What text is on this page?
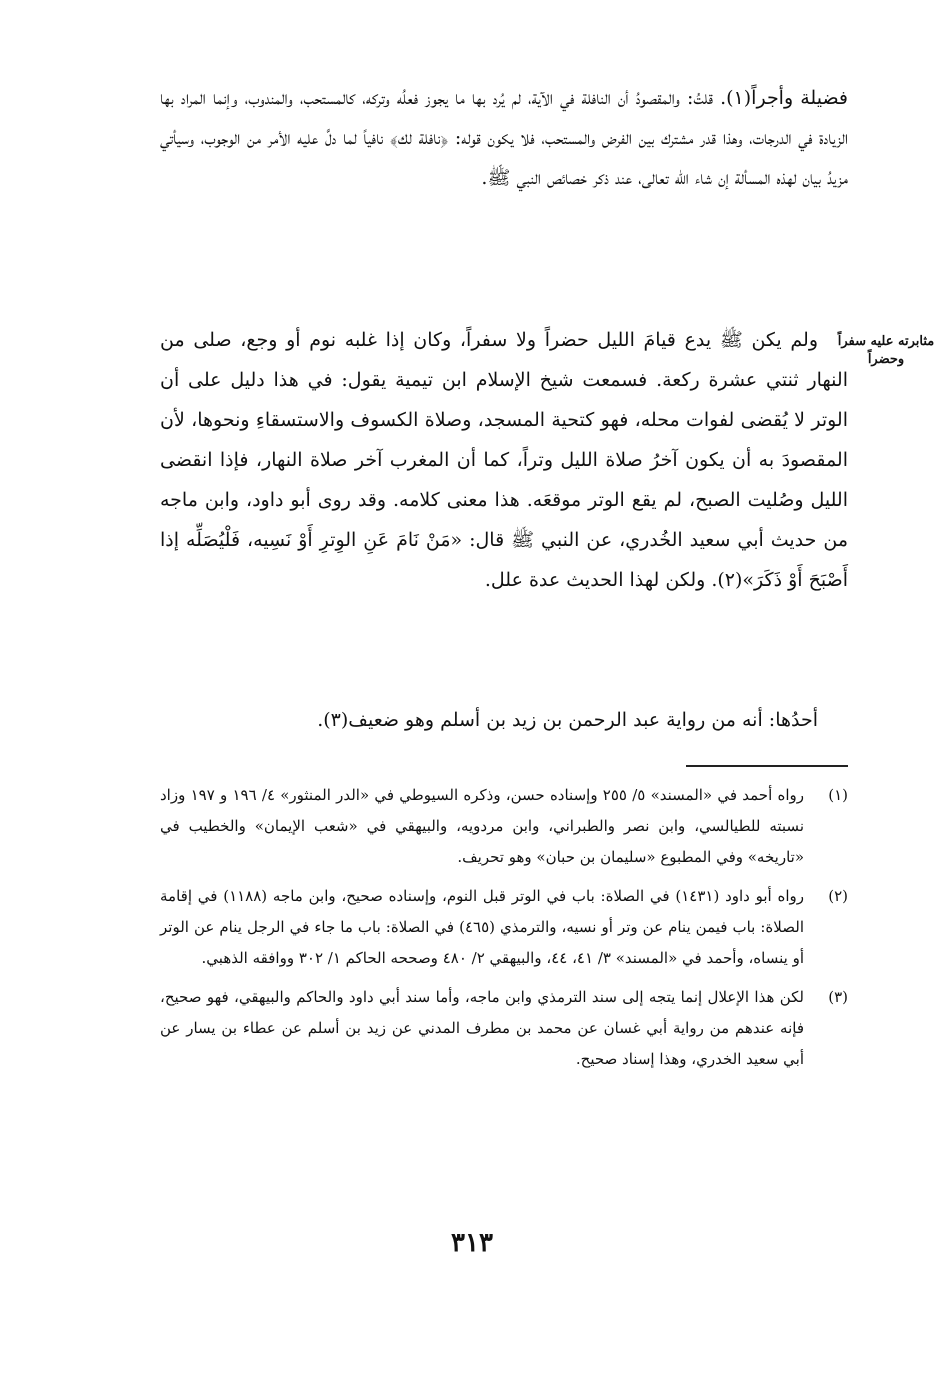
مثابرته عليه سفراً وحضراً

فضيلة وأجراً(١). قلتُ: والمقصودُ أن النافلة في الآية، لم يُرد بها ما يجوز فعلُه وتركه، كالمستحب، والمندوب، وإنما المراد بها الزيادة في الدرجات، وهذا قدر مشترك بين الفرض والمستحب، فلا يكون قوله: ﴿نافلة لك﴾ نافياً لما دلَّ عليه الأمر من الوجوب، وسيأتي مزيدُ بيان لهذه المسألة إن شاء الله تعالى، عند ذكر خصائص النبي ﷺ.

ولم يكن ﷺ يدع قيامَ الليل حضراً ولا سفراً، وكان إذا غلبه نوم أو وجع، صلى من النهار ثنتي عشرة ركعة. فسمعت شيخ الإسلام ابن تيمية يقول: في هذا دليل على أن الوتر لا يُقضى لفوات محله، فهو كتحية المسجد، وصلاة الكسوف والاستسقاءِ ونحوها، لأن المقصودَ به أن يكون آخرُ صلاة الليل وتراً، كما أن المغرب آخر صلاة النهار، فإذا انقضى الليل وصُليت الصبح، لم يقع الوتر موقعَه. هذا معنى كلامه. وقد روى أبو داود، وابن ماجه من حديث أبي سعيد الخُدري، عن النبي ﷺ قال: «مَنْ نَامَ عَنِ الوِترِ أَوْ نَسِيه، فَلْيُصَلِّه إذا أَصْبَحَ أَوْ ذَكَرَ»(٢). ولكن لهذا الحديث عدة علل.

أحدُها: أنه من رواية عبد الرحمن بن زيد بن أسلم وهو ضعيف(٣).

(١)
رواه أحمد في «المسند» ٥/ ٢٥٥ وإسناده حسن، وذكره السيوطي في «الدر المنثور» ٤/ ١٩٦ و ١٩٧ وزاد نسبته للطيالسي، وابن نصر والطبراني، وابن مردويه، والبيهقي في «شعب الإيمان» والخطيب في «تاريخه» وفي المطبوع «سليمان بن حبان» وهو تحريف.
(٢)
رواه أبو داود (١٤٣١) في الصلاة: باب في الوتر قبل النوم، وإسناده صحيح، وابن ماجه (١١٨٨) في إقامة الصلاة: باب فيمن ينام عن وتر أو نسيه، والترمذي (٤٦٥) في الصلاة: باب ما جاء في الرجل ينام عن الوتر أو ينساه، وأحمد في «المسند» ٣/ ٤١، ٤٤، والبيهقي ٢/ ٤٨٠ وصححه الحاكم ١/ ٣٠٢ ووافقه الذهبي.
(٣)
لكن هذا الإعلال إنما يتجه إلى سند الترمذي وابن ماجه، وأما سند أبي داود والحاكم والبيهقي، فهو صحيح، فإنه عندهم من رواية أبي غسان عن محمد بن مطرف المدني عن زيد بن أسلم عن عطاء بن يسار عن أبي سعيد الخدري، وهذا إسناد صحيح.
٣١٣
